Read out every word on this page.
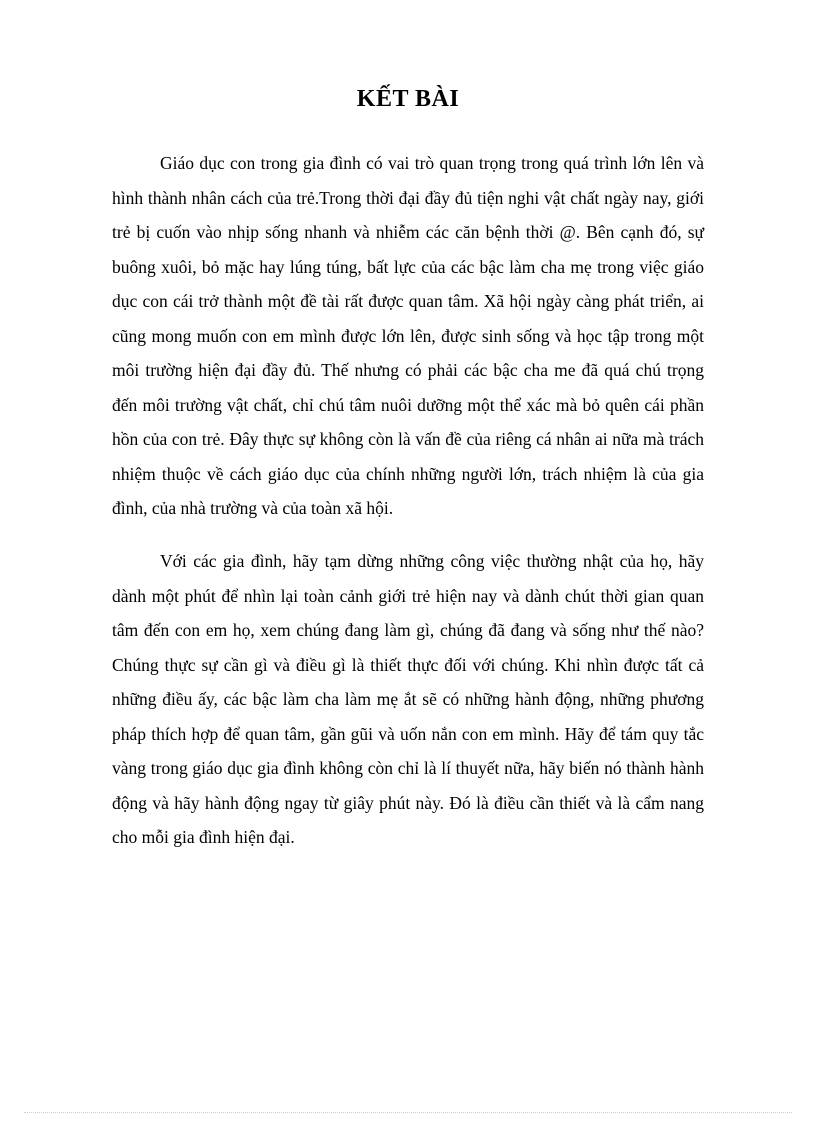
KẾT BÀI

Giáo dục con trong gia đình có vai trò quan trọng trong quá trình lớn lên và hình thành nhân cách của trẻ.Trong thời đại đầy đủ tiện nghi vật chất ngày nay, giới trẻ bị cuốn vào nhịp sống nhanh và nhiễm các căn bệnh thời @. Bên cạnh đó, sự buông xuôi, bỏ mặc hay lúng túng, bất lực của các bậc làm cha mẹ trong việc giáo dục con cái trở thành một đề tài rất được quan tâm. Xã hội ngày càng phát triển, ai cũng mong muốn con em mình được lớn lên, được sinh sống và học tập trong một môi trường hiện đại đầy đủ. Thế nhưng có phải các bậc cha me đã quá chú trọng đến môi trường vật chất, chỉ chú tâm nuôi dưỡng một thể xác mà bỏ quên cái phần hồn của con trẻ. Đây thực sự không còn là vấn đề của riêng cá nhân ai nữa mà trách nhiệm thuộc về cách giáo dục của chính những người lớn, trách nhiệm là của gia đình, của nhà trường và của toàn xã hội.

Với các gia đình, hãy tạm dừng những công việc thường nhật của họ, hãy dành một phút để nhìn lại toàn cảnh giới trẻ hiện nay và dành chút thời gian quan tâm đến con em họ, xem chúng đang làm gì, chúng đã đang và sống như thế nào? Chúng thực sự cần gì và điều gì là thiết thực đối với chúng. Khi nhìn được tất cả những điều ấy, các bậc làm cha làm mẹ ắt sẽ có những hành động, những phương pháp thích hợp để quan tâm, gần gũi và uốn nắn con em mình. Hãy để tám quy tắc vàng trong giáo dục gia đình không còn chỉ là lí thuyết nữa, hãy biến nó thành hành động và hãy hành động ngay từ giây phút này. Đó là điều cần thiết và là cẩm nang cho mỗi gia đình hiện đại.
